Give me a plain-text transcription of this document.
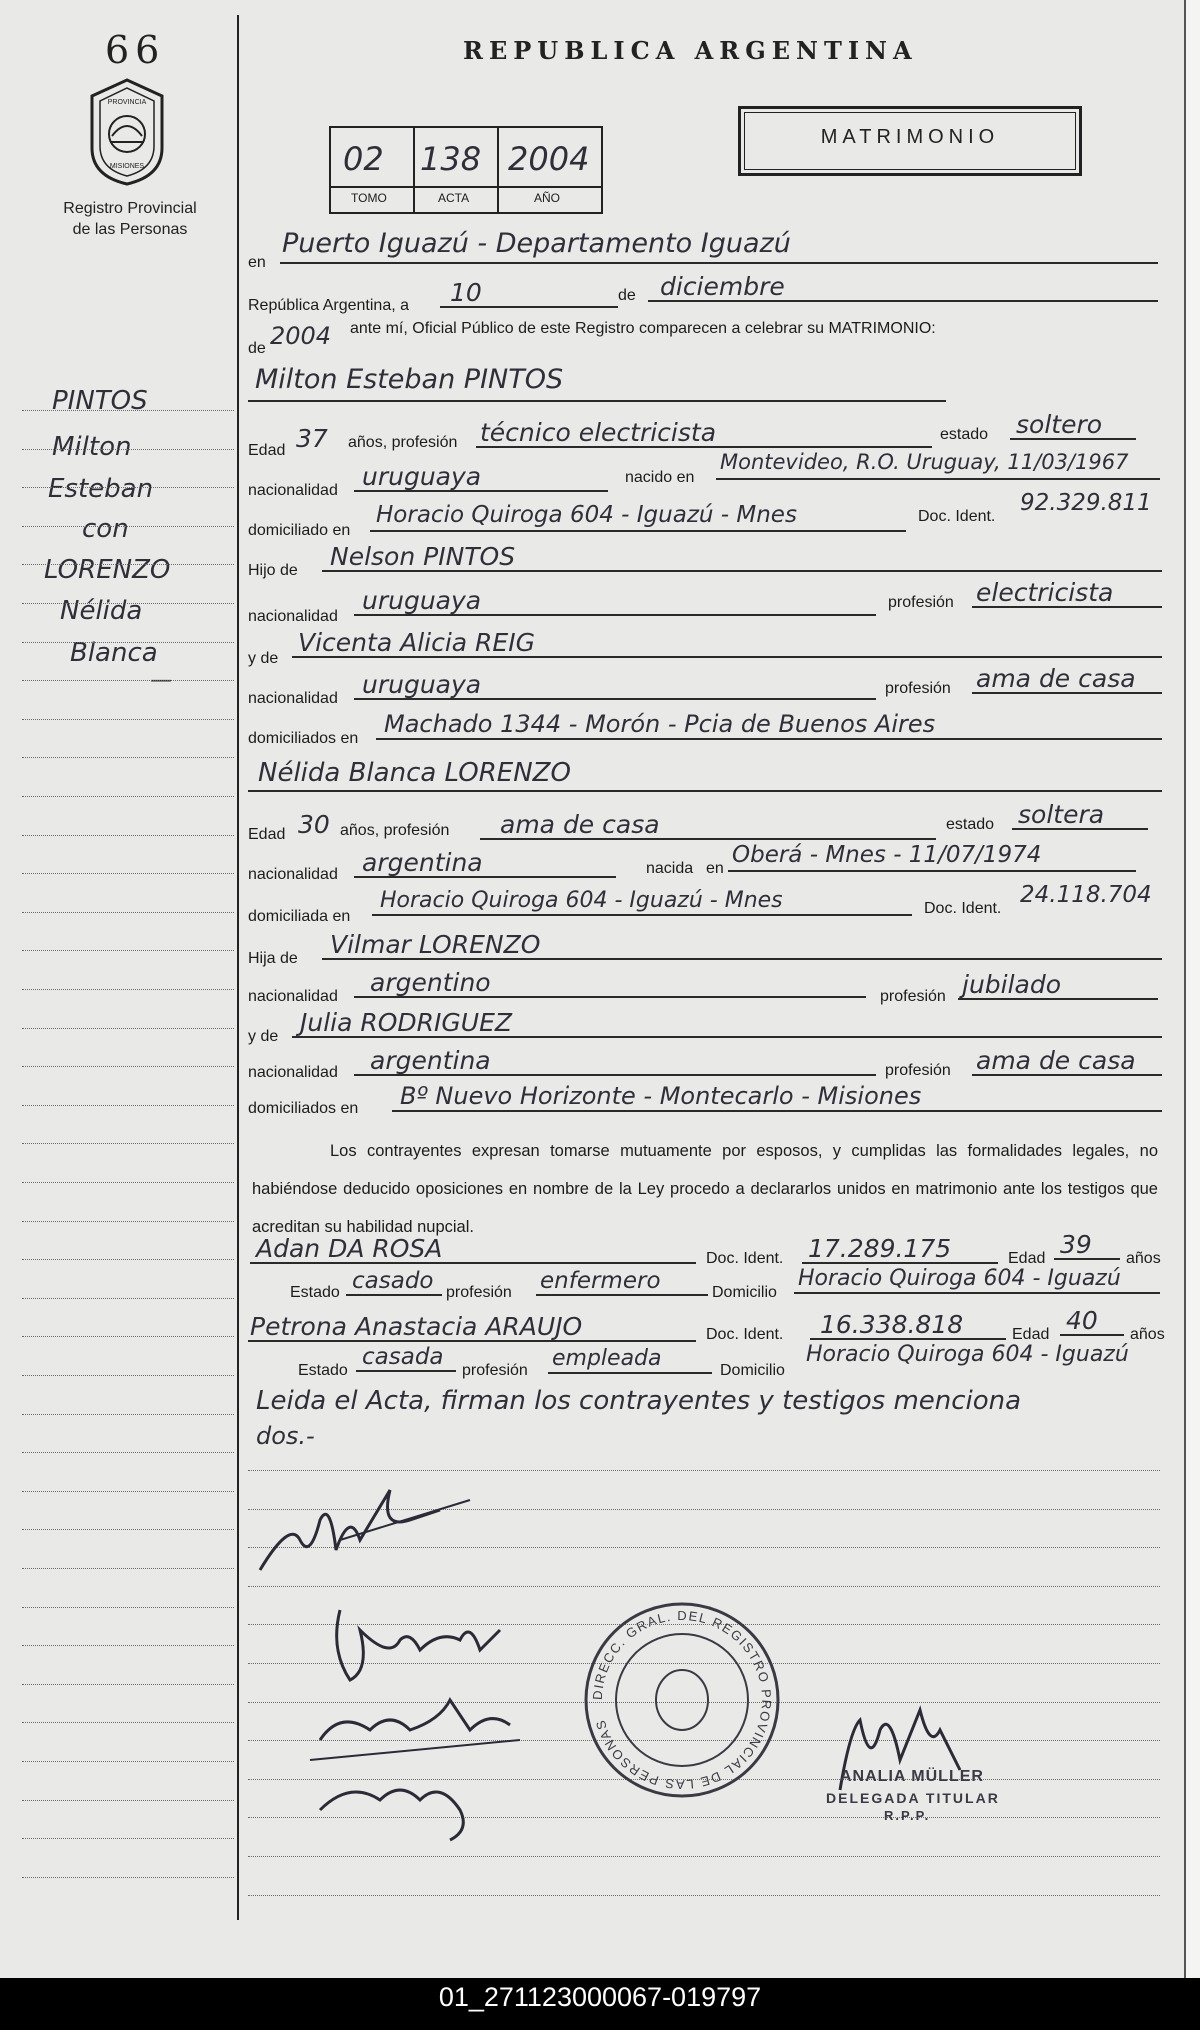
66
PROVINCIA
MISIONES
Registro Provincial
de las Personas
REPUBLICA ARGENTINA
02 138 2004
TOMO	ACTA	AÑO
MATRIMONIO
PINTOS
Milton
Esteban
con
LORENZO
Nélida
Blanca
—
en
Puerto Iguazú - Departamento Iguazú
República Argentina, a 10	de diciembre
de 2004 ante mí, Oficial Público de este Registro comparecen a celebrar su MATRIMONIO:
Milton Esteban PINTOS
Edad 37 años, profesión técnico electricista	estado soltero
nacionalidad uruguaya	nacido en
Montevideo, R.O. Uruguay, 11/03/1967
domiciliado en
Horacio Quiroga 604 - Iguazú - Mnes	Doc. Ident.
92.329.811
Hijo de Nelson PINTOS
nacionalidad
uruguaya	profesión electricista
y de
Vicenta Alicia REIG
nacionalidad uruguaya	profesión ama de casa
domiciliados en
Machado 1344 - Morón - Pcia de Buenos Aires
Nélida Blanca LORENZO
Edad 30 años, profesión ama de casa	estado soltera
nacionalidad argentina	nacida en
Oberá - Mnes - 11/07/1974
domiciliada en
Horacio Quiroga 604 - Iguazú - Mnes	Doc. Ident.
24.118.704
Hija de Vilmar LORENZO
nacionalidad argentino	profesión jubilado
y de Julia RODRIGUEZ
nacionalidad argentina	profesión ama de casa
domiciliados en Bº Nuevo Horizonte - Montecarlo - Misiones
Los contrayentes expresan tomarse mutuamente por esposos, y cumplidas las formalidades legales, no habiéndose deducido oposiciones en nombre de la Ley procedo a declararlos unidos en matrimonio ante los testigos que acreditan su habilidad nupcial.
Adan DA ROSA	Doc. Ident. 17.289.175	Edad 39 años
Estado casado profesión enfermero	Domicilio
Horacio Quiroga 604 - Iguazú
Petrona Anastacia ARAUJO	Doc. Ident. 16.338.818	Edad 40 años
Estado
casada
profesión empleada	Domicilio
Horacio Quiroga 604 - Iguazú
Leida el Acta, firman los contrayentes y testigos menciona
dos.-
DIRECC. GRAL. DEL REGISTRO PROVINCIAL DE LAS PERSONAS
ANALIA MÜLLER
DELEGADA TITULAR
R.P.P.
01_271123000067-019797
